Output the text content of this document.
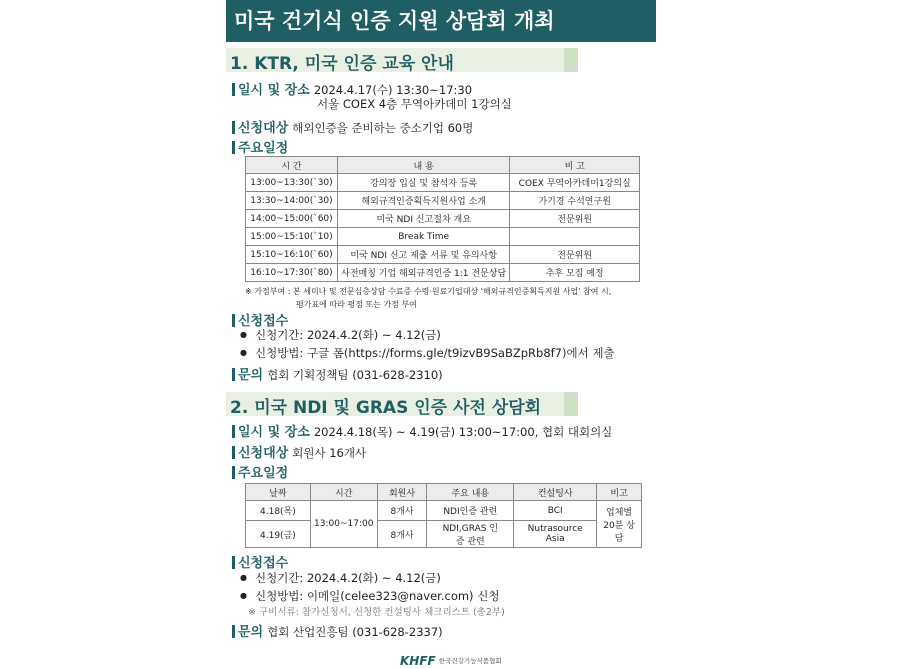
미국 건기식 인증 지원 상담회 개최
1. KTR, 미국 인증 교육 안내
일시 및 장소 2024.4.17(수) 13:30~17:30
서울 COEX 4층 무역아카데미 1강의실
신청대상 해외인증을 준비하는 중소기업 60명
주요일정
시 간	내 용	비 고
13:00~13:30(`30)	강의장 입실 및 참석자 등록	COEX 무역아카데미1강의실
13:30~14:00(`30)	해외규격인증획득지원사업 소개	가기경 수석연구원
14:00~15:00(`60)	미국 NDI 신고절차 개요	전문위원
15:00~15:10(`10)	Break Time	
15:10~16:10(`60)	미국 NDI 신고 제출 서류 및 유의사항	전문위원
16:10~17:30(`80)	사전매칭 기업 해외규격인증 1:1 전문상담	추후 모집 예정
※ 가점부여 : 본 세미나 및 전문심층상담 수료증 수령·원료기업대상 '해외규격인증획득지원 사업' 참여 시,
평가표에 따라 평점 또는 가점 부여
신청접수
● 신청기간: 2024.4.2(화) ~ 4.12(금)
● 신청방법: 구글 폼(https://forms.gle/t9izvB9SaBZpRb8f7)에서 제출
문의 협회 기획정책팀 (031-628-2310)
2. 미국 NDI 및 GRAS 인증 사전 상담회
일시 및 장소 2024.4.18(목) ~ 4.19(금) 13:00~17:00, 협회 대회의실
신청대상 회원사 16개사
주요일정
날짜	시간	회원사	주요 내용	컨설팅사	비고
4.18(목)	13:00~17:00	8개사	NDI인증 관련	BCI	업체별 20분 상담
4.19(금)		8개사	NDI,GRAS 인증 관련	Nutrasource Asia	
신청접수
● 신청기간: 2024.4.2(화) ~ 4.12(금)
● 신청방법: 이메일(celee323@naver.com) 신청
※ 구비서류: 참가신청서, 신청한 컨설팅사 체크리스트 (총2부)
문의 협회 산업진흥팀 (031-628-2337)
KHFF 한국건강기능식품협회
